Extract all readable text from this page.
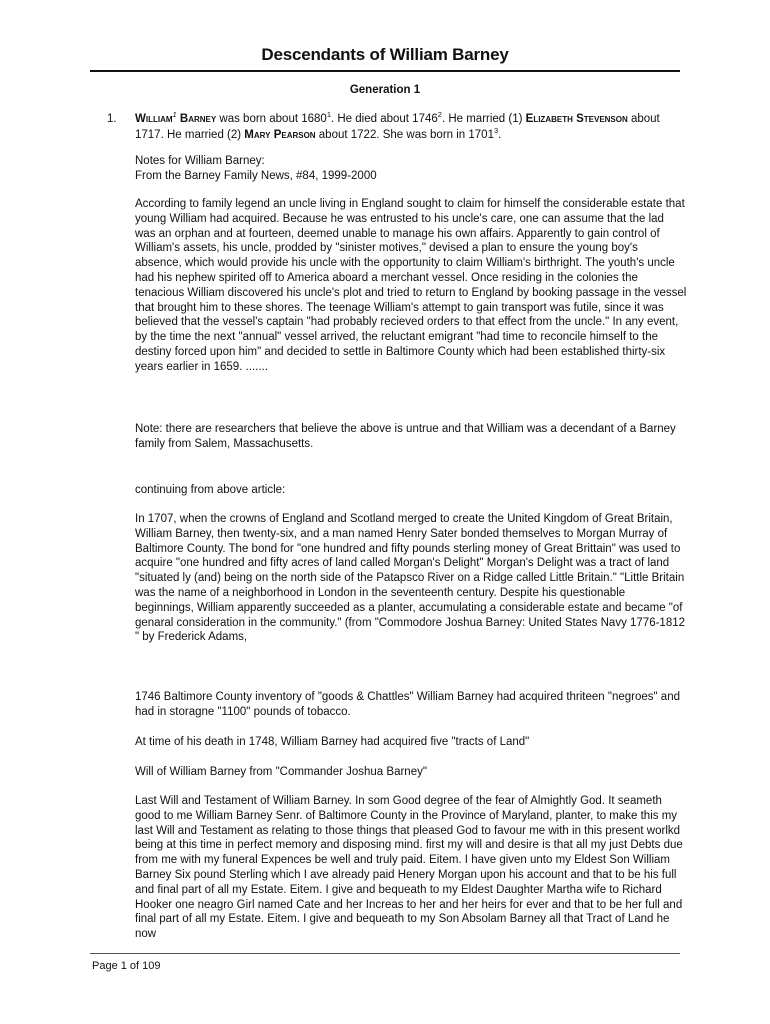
Descendants of William Barney
Generation 1
1. William$^1$ Barney was born about 1680$^1$. He died about 1746$^2$. He married (1) Elizabeth Stevenson about 1717. He married (2) Mary Pearson about 1722. She was born in 1701$^3$.

Notes for William Barney:

From the Barney Family News, #84, 1999-2000

According to family legend an uncle living in England sought to claim for himself the considerable estate that young William had acquired. Because he was entrusted to his uncle's care, one can assume that the lad was an orphan and at fourteen, deemed unable to manage his own affairs. Apparently to gain control of William's assets, his uncle, prodded by "sinister motives," devised a plan to ensure the young boy's absence, which would provide his uncle with the opportunity to claim William's birthright. The youth's uncle had his nephew spirited off to America aboard a merchant vessel. Once residing in the colonies the tenacious William discovered his uncle's plot and tried to return to England by booking passage in the vessel that brought him to these shores. The teenage William's attempt to gain transport was futile, since it was believed that the vessel's captain "had probably recieved orders to that effect from the uncle." In any event, by the time the next "annual" vessel arrived, the reluctant emigrant "had time to reconcile himself to the destiny forced upon him" and decided to settle in Baltimore County which had been established thirty-six years earlier in 1659. .......

Note: there are researchers that believe the above is untrue and that William was a decendant of a Barney family from Salem, Massachusetts.

continuing from above article:

In 1707, when the crowns of England and Scotland merged to create the United Kingdom of Great Britain, William Barney, then twenty-six, and a man named Henry Sater bonded themselves to Morgan Murray of Baltimore County. The bond for "one hundred and fifty pounds sterling money of Great Brittain" was used to acquire "one hundred and fifty acres of land called Morgan's Delight" Morgan's Delight was a tract of land "situated ly (and) being on the north side of the Patapsco River on a Ridge called Little Britain." "Little Britain was the name of a neighborhood in London in the seventeenth century. Despite his questionable beginnings, William apparently succeeded as a planter, accumulating a considerable estate and became "of genaral consideration in the community." (from "Commodore Joshua Barney: United States Navy 1776-1812 " by Frederick Adams,

1746 Baltimore County inventory of "goods & Chattles" William Barney had acquired thriteen "negroes" and had in storagne "1100" pounds of tobacco.

At time of his death in 1748, William Barney had acquired five "tracts of Land"

Will of William Barney from "Commander Joshua Barney"

Last Will and Testament of William Barney. In som Good degree of the fear of Almightly God. It seameth good to me William Barney Senr. of Baltimore County in the Province of Maryland, planter, to make this my last Will and Testament as relating to those things that pleased God to favour me with in this present worlkd being at this time in perfect memory and disposing mind. first my will and desire is that all my just Debts due from me with my funeral Expences be well and truly paid. Eitem. I have given unto my Eldest Son William Barney Six pound Sterling which I ave already paid Henery Morgan upon his account and that to be his full and final part of all my Estate. Eitem. I give and bequeath to my Eldest Daughter Martha wife to Richard Hooker one neagro Girl named Cate and her Increas to her and her heirs for ever and that to be her full and final part of all my Estate. Eitem. I give and bequeath to my Son Absolam Barney all that Tract of Land he now

Page 1 of 109
